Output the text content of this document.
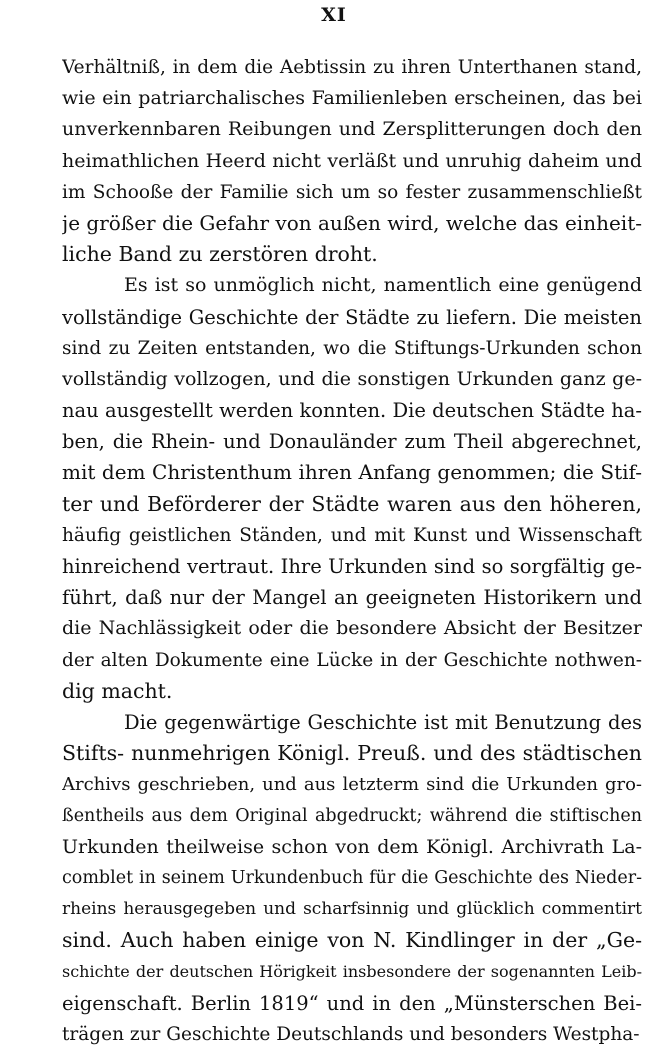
XI
Verhältniß, in dem die Aebtissin zu ihren Unterthanen stand,
wie ein patriarchalisches Familienleben erscheinen, das bei
unverkennbaren Reibungen und Zersplitterungen doch den
heimathlichen Heerd nicht verläßt und unruhig daheim und
im Schooße der Familie sich um so fester zusammenschließt
je größer die Gefahr von außen wird, welche das einheit-
liche Band zu zerstören droht.
Es ist so unmöglich nicht, namentlich eine genügend
vollständige Geschichte der Städte zu liefern. Die meisten
sind zu Zeiten entstanden, wo die Stiftungs-Urkunden schon
vollständig vollzogen, und die sonstigen Urkunden ganz ge-
nau ausgestellt werden konnten. Die deutschen Städte ha-
ben, die Rhein- und Donauländer zum Theil abgerechnet,
mit dem Christenthum ihren Anfang genommen; die Stif-
ter und Beförderer der Städte waren aus den höheren,
häufig geistlichen Ständen, und mit Kunst und Wissenschaft
hinreichend vertraut. Ihre Urkunden sind so sorgfältig ge-
führt, daß nur der Mangel an geeigneten Historikern und
die Nachlässigkeit oder die besondere Absicht der Besitzer
der alten Dokumente eine Lücke in der Geschichte nothwen-
dig macht.
Die gegenwärtige Geschichte ist mit Benutzung des
Stifts- nunmehrigen Königl. Preuß. und des städtischen
Archivs geschrieben, und aus letzterm sind die Urkunden gro-
ßentheils aus dem Original abgedruckt; während die stiftischen
Urkunden theilweise schon von dem Königl. Archivrath La-
comblet in seinem Urkundenbuch für die Geschichte des Nieder-
rheins herausgegeben und scharfsinnig und glücklich commentirt
sind. Auch haben einige von N. Kindlinger in der „Ge-
schichte der deutschen Hörigkeit insbesondere der sogenannten Leib-
eigenschaft. Berlin 1819“ und in den „Münsterschen Bei-
trägen zur Geschichte Deutschlands und besonders Westpha-
